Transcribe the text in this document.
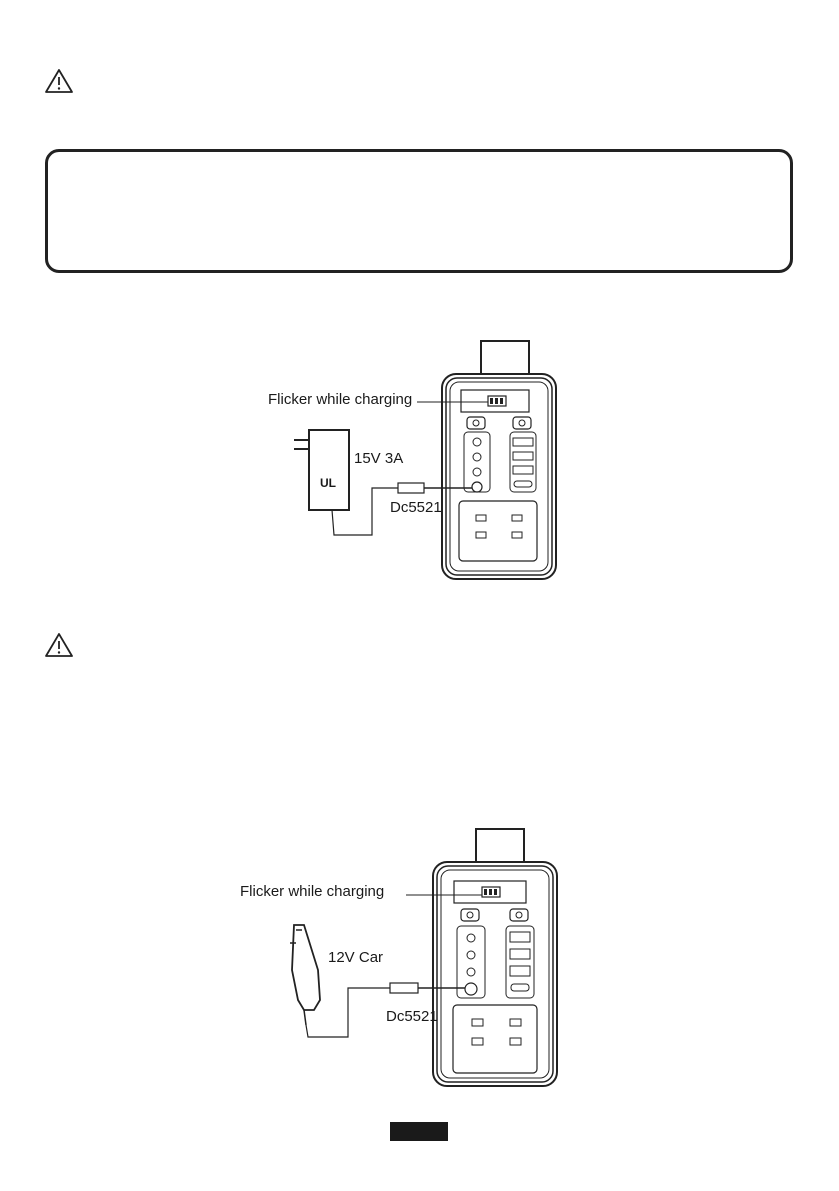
Flicker while charging
UL
15V 3A
Dc5521
Flicker while charging
12V Car
Dc5521
